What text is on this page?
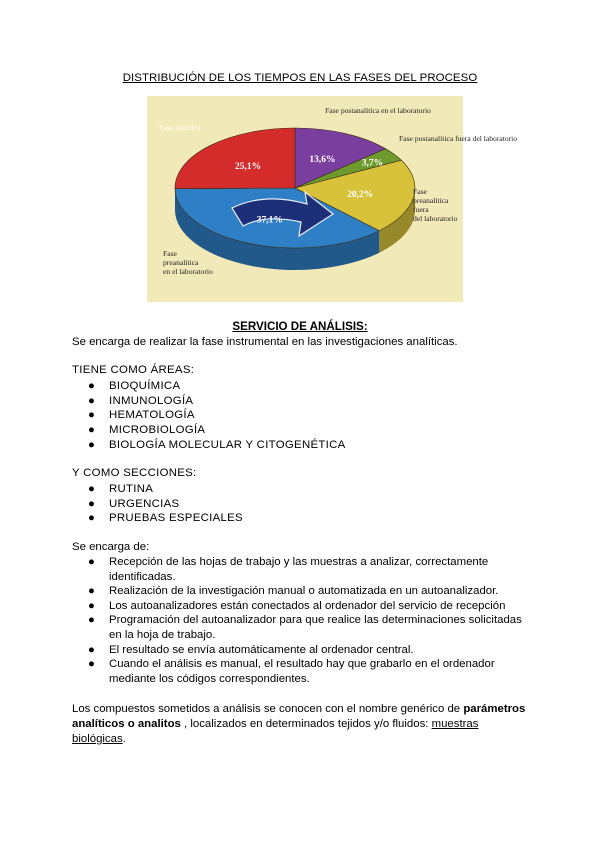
DISTRIBUCIÓN DE LOS TIEMPOS EN LAS FASES DEL PROCESO
13,6%	3,7%
20,2%
37,1%
25,1%
Fase analítica
Fase postanalítica en el laboratorio
Fase postanalítica fuera del laboratorio
Fase preanalítica fuera del laboratorio
Fase preanalítica en el laboratorio
SERVICIO DE ANÁLISIS:
Se encarga de realizar la fase instrumental en las investigaciones analíticas.
TIENE COMO ÁREAS:
● BIOQUÍMICA
● INMUNOLOGÍA
● HEMATOLOGÍA
● MICROBIOLOGÍA
● BIOLOGÍA MOLECULAR Y CITOGENÉTICA
Y COMO SECCIONES:
● RUTINA
● URGENCIAS
● PRUEBAS ESPECIALES
Se encarga de:
● Recepción de las hojas de trabajo y las muestras a analizar, correctamente identificadas.
● Realización de la investigación manual o automatizada en un autoanalizador.
● Los autoanalizadores están conectados al ordenador del servicio de recepción
● Programación del autoanalizador para que realice las determinaciones solicitadas en la hoja de trabajo.
● El resultado se envía automáticamente al ordenador central.
● Cuando el análisis es manual, el resultado hay que grabarlo en el ordenador mediante los códigos correspondientes.
Los compuestos sometidos a análisis se conocen con el nombre genérico de parámetros analíticos o analitos , localizados en determinados tejidos y/o fluidos: muestras biológicas.
